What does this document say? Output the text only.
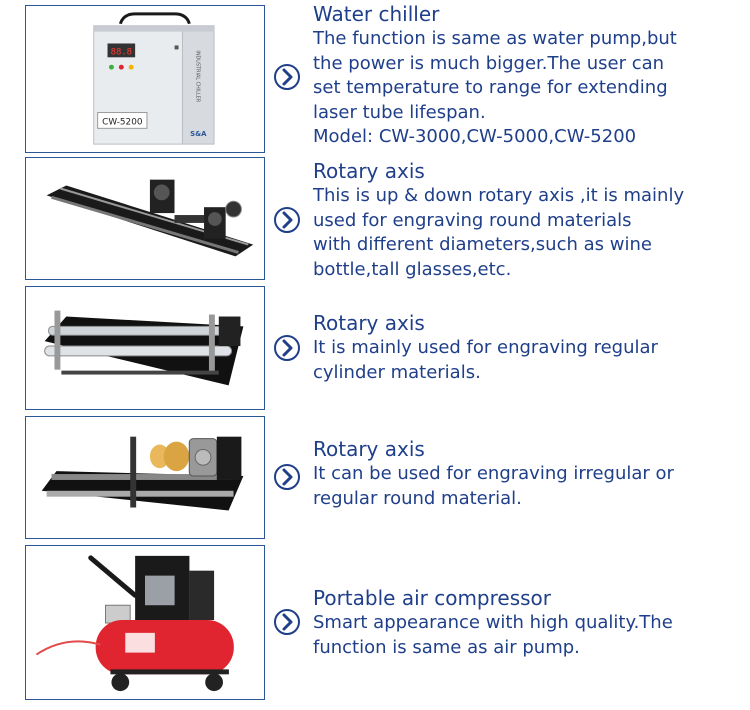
88.8
CW-5200
INDUSTRIAL CHILLER
S&A
Water chiller
The function is same as water pump,but
the power is much bigger.The user can
set temperature to range for extending
laser tube lifespan.
Model: CW-3000,CW-5000,CW-5200
Rotary axis
This is up & down rotary axis ,it is mainly
used for engraving round materials
with different diameters,such as wine
bottle,tall glasses,etc.
Rotary axis
It is mainly used for engraving regular
cylinder materials.
Rotary axis
It can be used for engraving irregular or
regular round material.
Portable air compressor
Smart appearance with high quality.The
function is same as air pump.
